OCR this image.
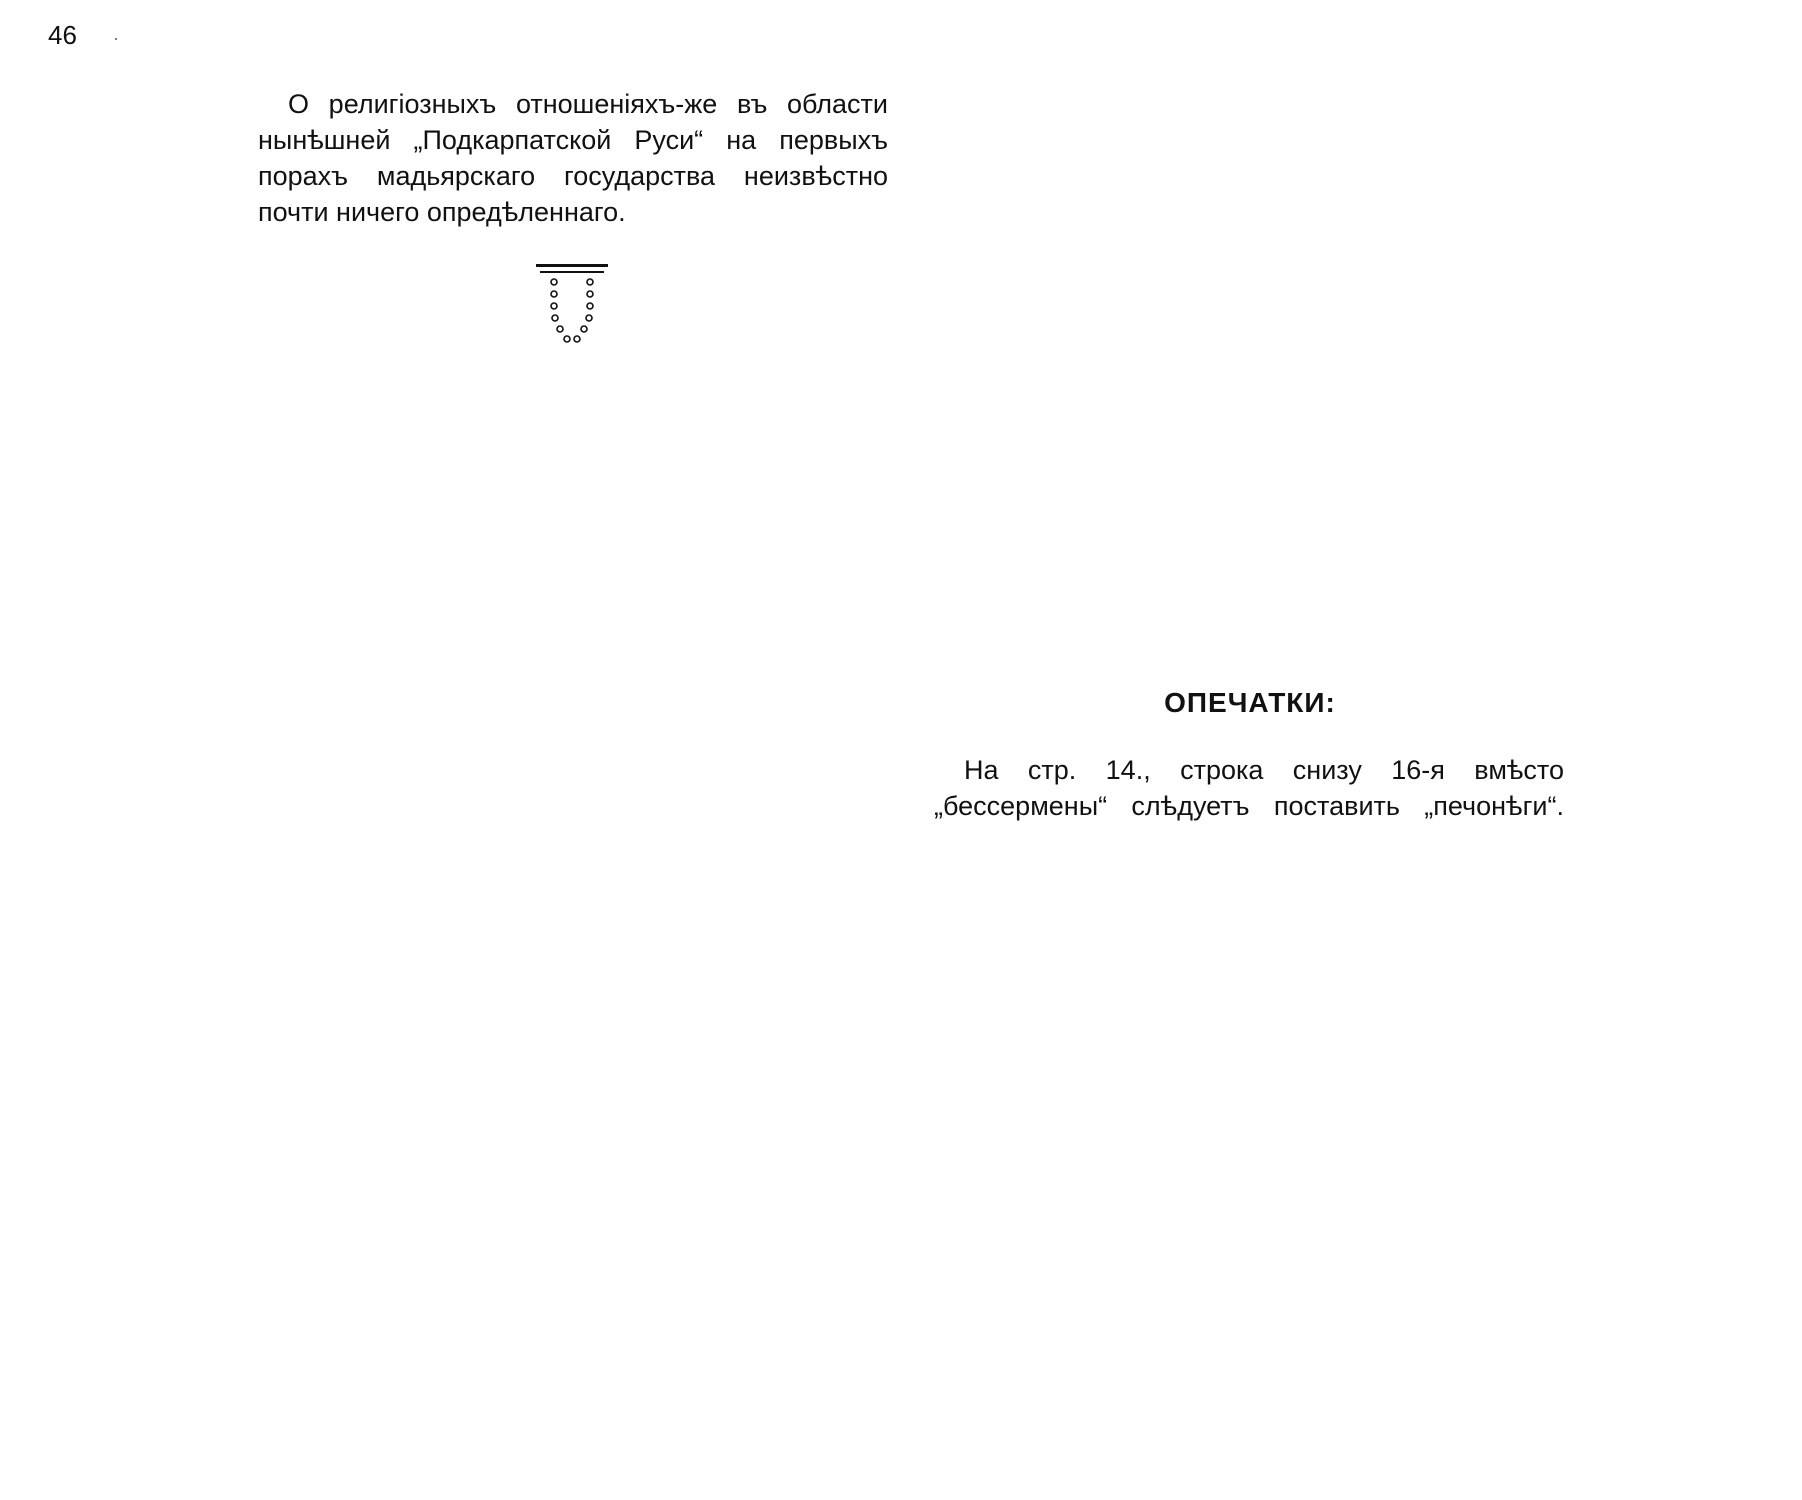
46
О религiозныхъ отношенiяхъ-же въ области
нынѣшней „Подкарпатской Руси“ на первыхъ
порахъ мадьярскаго государства неизвѣстно
почти ничего опредѣленнаго.
ОПЕЧАТКИ:
На стр. 14., строка снизу 16-я вмѣсто
„бессермены“ слѣдуетъ поставить „печонѣги“.
